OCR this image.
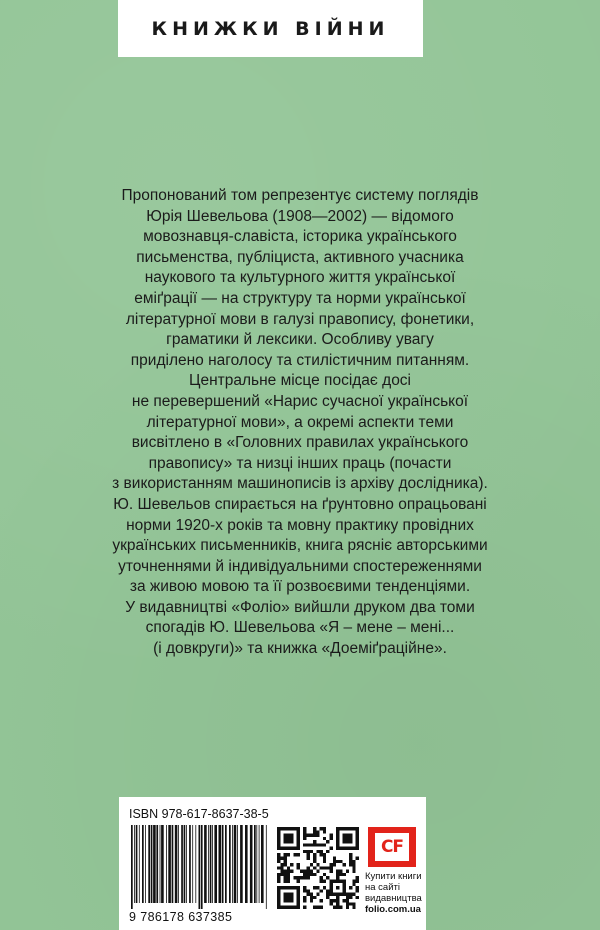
КНИЖКИ ВІЙНИ
Пропонований том репрезентує систему поглядів
Юрія Шевельова (1908—2002) — відомого
мовознавця-славіста, історика українського
письменства, публіциста, активного учасника
наукового та культурного життя української
еміґрації — на структуру та норми української
літературної мови в галузі правопису, фонетики,
граматики й лексики. Особливу увагу
приділено наголосу та стилістичним питанням.
Центральне місце посідає досі
не перевершений «Нарис сучасної української
літературної мови», а окремі аспекти теми
висвітлено в «Головних правилах українського
правопису» та низці інших праць (почасти
з використанням машинописів із архіву дослідника).
Ю. Шевельов спирається на ґрунтовно опрацьовані
норми 1920-х років та мовну практику провідних
українських письменників, книга рясніє авторськими
уточненнями й індивідуальними спостереженнями
за живою мовою та її розвоєвими тенденціями.
У видавництві «Фоліо» вийшли друком два томи
спогадів Ю. Шевельова «Я – мене – мені...
(і довкруги)» та книжка «Доеміґраційне».
ISBN 978-617-8637-38-5
9 786178 637385
CF
Купити книги
на сайті
видавництва
folio.com.ua
